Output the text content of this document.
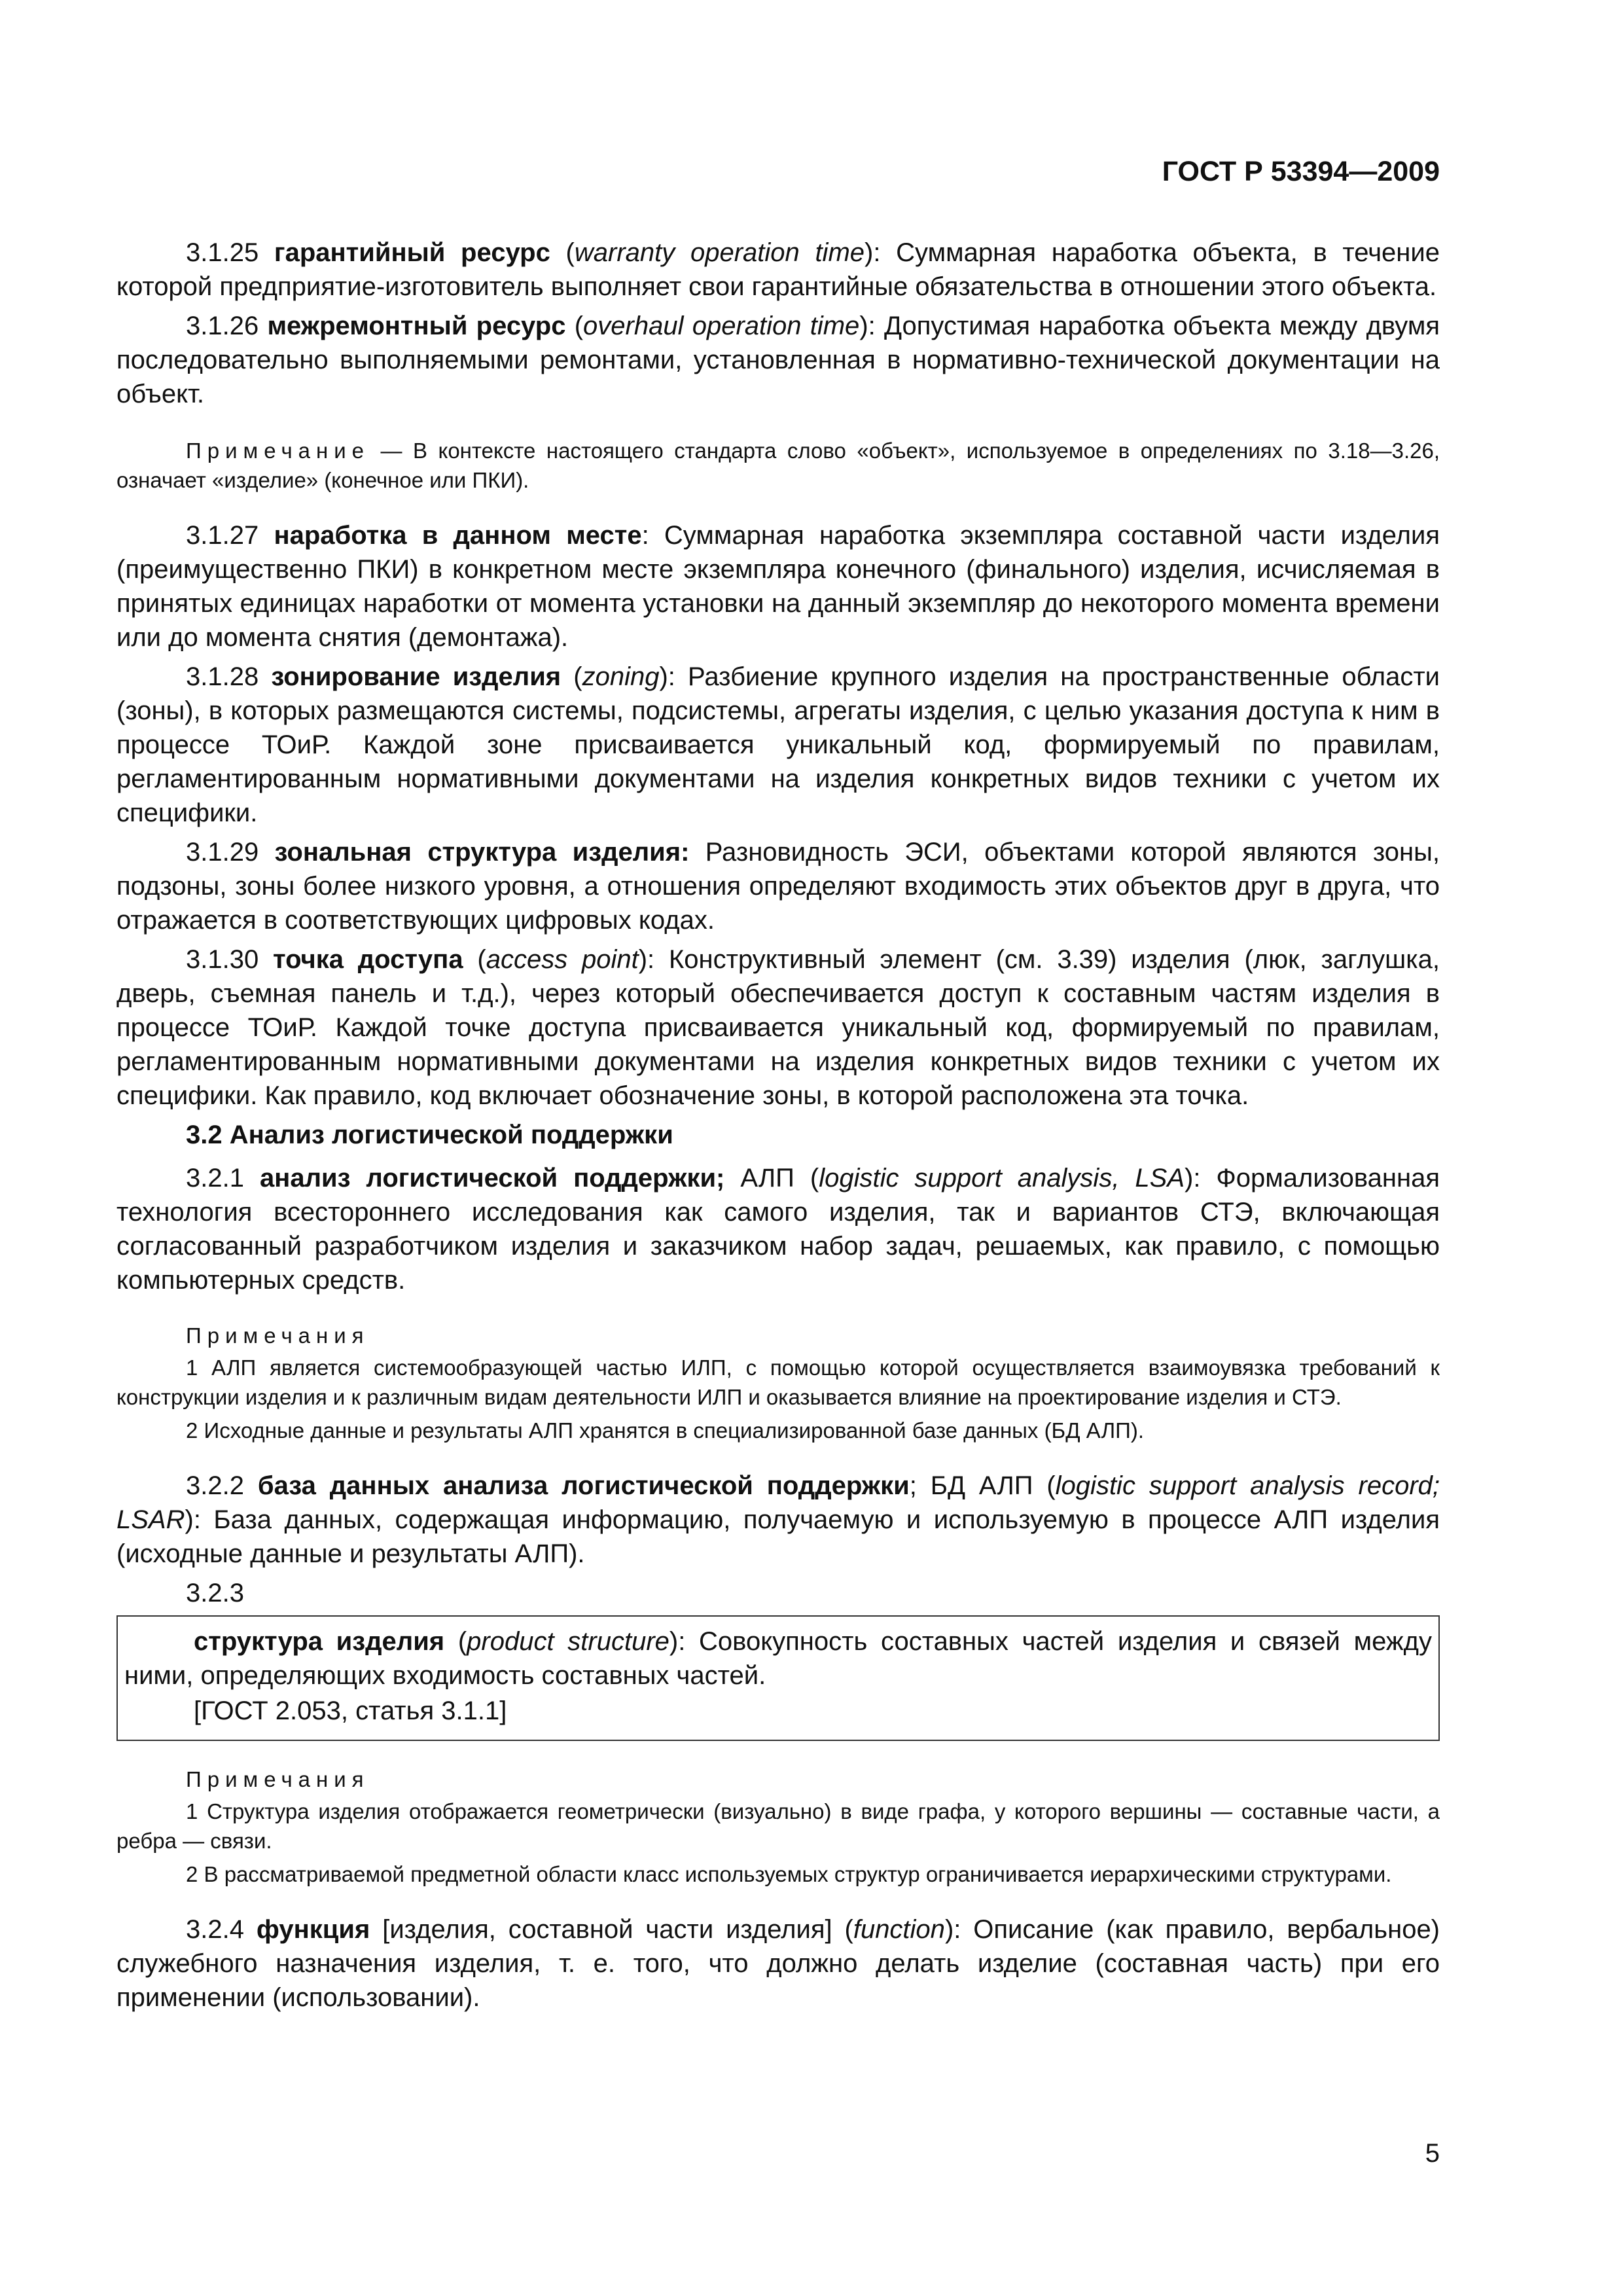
ГОСТ Р 53394—2009

3.1.25 гарантийный ресурс (warranty operation time): Суммарная наработка объекта, в течение которой предприятие-изготовитель выполняет свои гарантийные обязательства в отношении этого объекта.

3.1.26 межремонтный ресурс (overhaul operation time): Допустимая наработка объекта между двумя последовательно выполняемыми ремонтами, установленная в нормативно-технической документации на объект.

Примечание — В контексте настоящего стандарта слово «объект», используемое в определениях по 3.18—3.26, означает «изделие» (конечное или ПКИ).

3.1.27 наработка в данном месте: Суммарная наработка экземпляра составной части изделия (преимущественно ПКИ) в конкретном месте экземпляра конечного (финального) изделия, исчисляемая в принятых единицах наработки от момента установки на данный экземпляр до некоторого момента времени или до момента снятия (демонтажа).

3.1.28 зонирование изделия (zoning): Разбиение крупного изделия на пространственные области (зоны), в которых размещаются системы, подсистемы, агрегаты изделия, с целью указания доступа к ним в процессе ТОиР. Каждой зоне присваивается уникальный код, формируемый по правилам, регламентированным нормативными документами на изделия конкретных видов техники с учетом их специфики.

3.1.29 зональная структура изделия: Разновидность ЭСИ, объектами которой являются зоны, подзоны, зоны более низкого уровня, а отношения определяют входимость этих объектов друг в друга, что отражается в соответствующих цифровых кодах.

3.1.30 точка доступа (access point): Конструктивный элемент (см. 3.39) изделия (люк, заглушка, дверь, съемная панель и т.д.), через который обеспечивается доступ к составным частям изделия в процессе ТОиР. Каждой точке доступа присваивается уникальный код, формируемый по правилам, регламентированным нормативными документами на изделия конкретных видов техники с учетом их специфики. Как правило, код включает обозначение зоны, в которой расположена эта точка.

3.2 Анализ логистической поддержки

3.2.1 анализ логистической поддержки; АЛП (logistic support analysis, LSA): Формализованная технология всестороннего исследования как самого изделия, так и вариантов СТЭ, включающая согласованный разработчиком изделия и заказчиком набор задач, решаемых, как правило, с помощью компьютерных средств.

Примечания

1 АЛП является системообразующей частью ИЛП, с помощью которой осуществляется взаимоувязка требований к конструкции изделия и к различным видам деятельности ИЛП и оказывается влияние на проектирование изделия и СТЭ.

2 Исходные данные и результаты АЛП хранятся в специализированной базе данных (БД АЛП).

3.2.2 база данных анализа логистической поддержки; БД АЛП (logistic support analysis record; LSAR): База данных, содержащая информацию, получаемую и используемую в процессе АЛП изделия (исходные данные и результаты АЛП).

3.2.3

структура изделия (product structure): Совокупность составных частей изделия и связей между ними, определяющих входимость составных частей.

[ГОСТ 2.053, статья 3.1.1]
Примечания

1 Структура изделия отображается геометрически (визуально) в виде графа, у которого вершины — составные части, а ребра — связи.

2 В рассматриваемой предметной области класс используемых структур ограничивается иерархическими структурами.

3.2.4 функция [изделия, составной части изделия] (function): Описание (как правило, вербальное) служебного назначения изделия, т. е. того, что должно делать изделие (составная часть) при его применении (использовании).

5
